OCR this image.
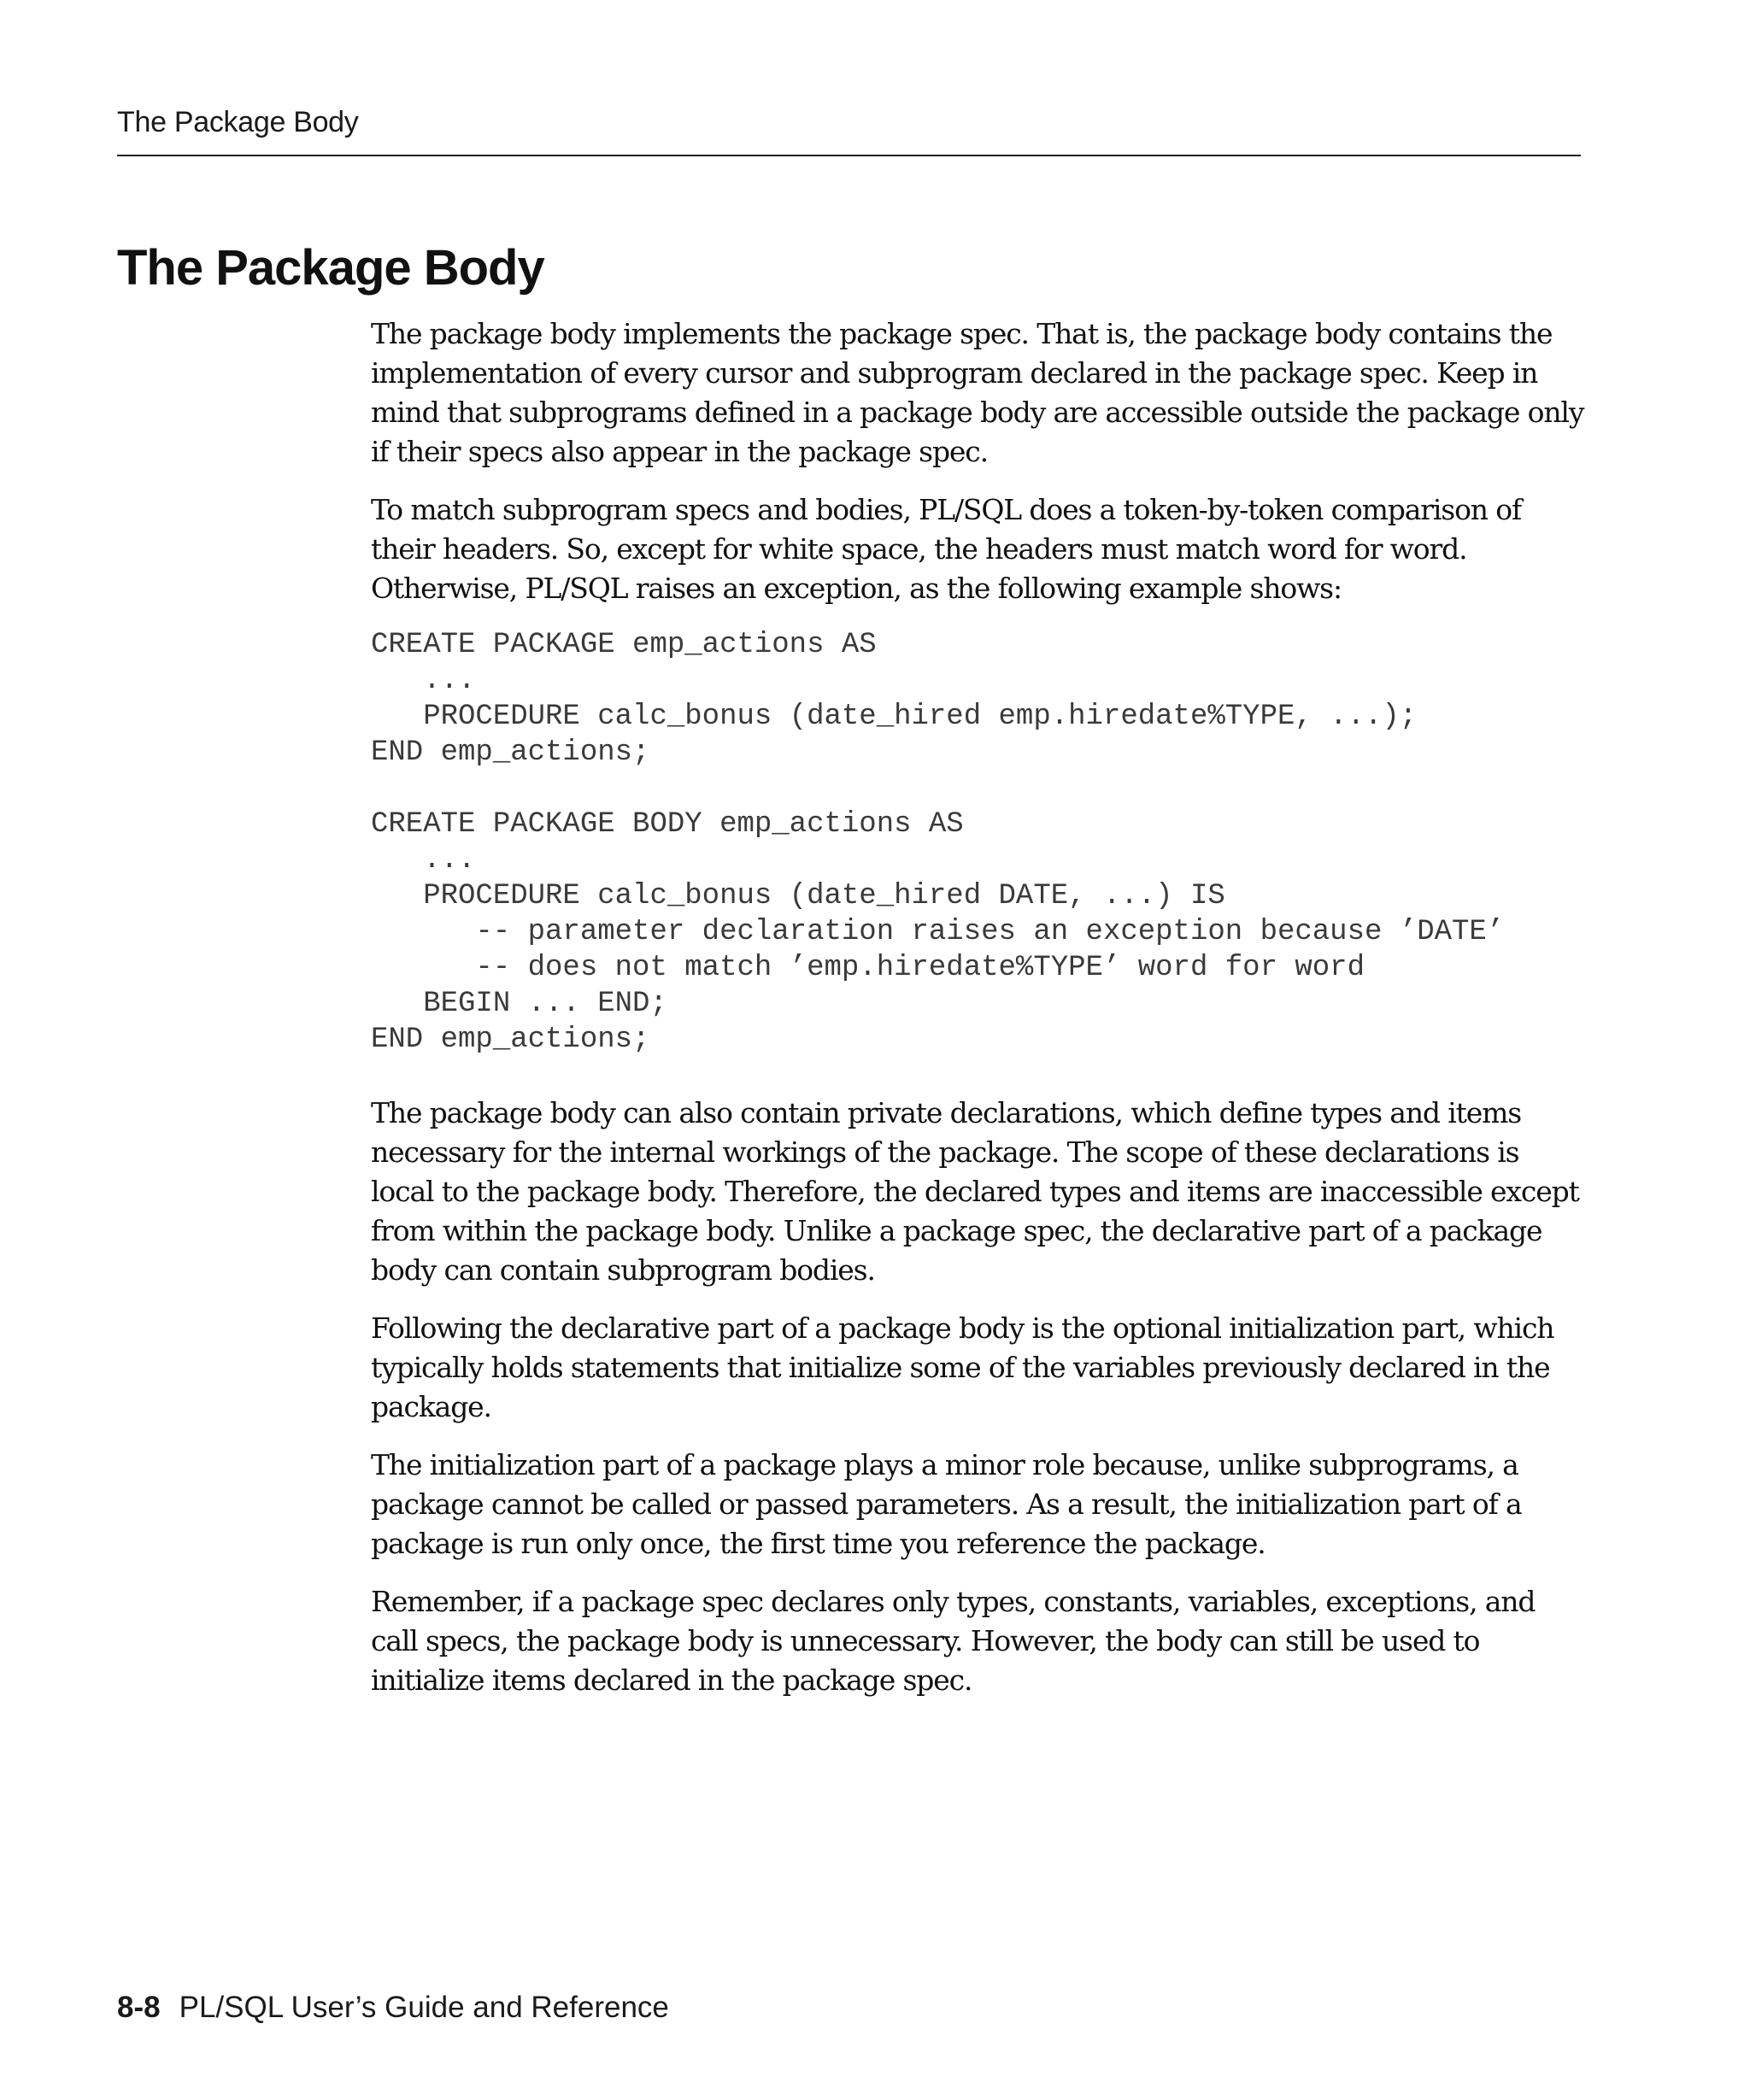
The Package Body
The Package Body

The package body implements the package spec. That is, the package body contains the implementation of every cursor and subprogram declared in the package spec. Keep in mind that subprograms defined in a package body are accessible outside the package only if their specs also appear in the package spec.

To match subprogram specs and bodies, PL/SQL does a token-by-token comparison of their headers. So, except for white space, the headers must match word for word. Otherwise, PL/SQL raises an exception, as the following example shows:

CREATE PACKAGE emp_actions AS
...
PROCEDURE calc_bonus (date_hired emp.hiredate%TYPE, ...);
END emp_actions;
CREATE PACKAGE BODY emp_actions AS
...
PROCEDURE calc_bonus (date_hired DATE, ...) IS
-- parameter declaration raises an exception because ’DATE’
-- does not match ’emp.hiredate%TYPE’ word for word
BEGIN ... END;
END emp_actions;

The package body can also contain private declarations, which define types and items necessary for the internal workings of the package. The scope of these declarations is local to the package body. Therefore, the declared types and items are inaccessible except from within the package body. Unlike a package spec, the declarative part of a package body can contain subprogram bodies.

Following the declarative part of a package body is the optional initialization part, which typically holds statements that initialize some of the variables previously declared in the package.

The initialization part of a package plays a minor role because, unlike subprograms, a package cannot be called or passed parameters. As a result, the initialization part of a package is run only once, the first time you reference the package.

Remember, if a package spec declares only types, constants, variables, exceptions, and call specs, the package body is unnecessary. However, the body can still be used to initialize items declared in the package spec.

8-8 PL/SQL User’s Guide and Reference
